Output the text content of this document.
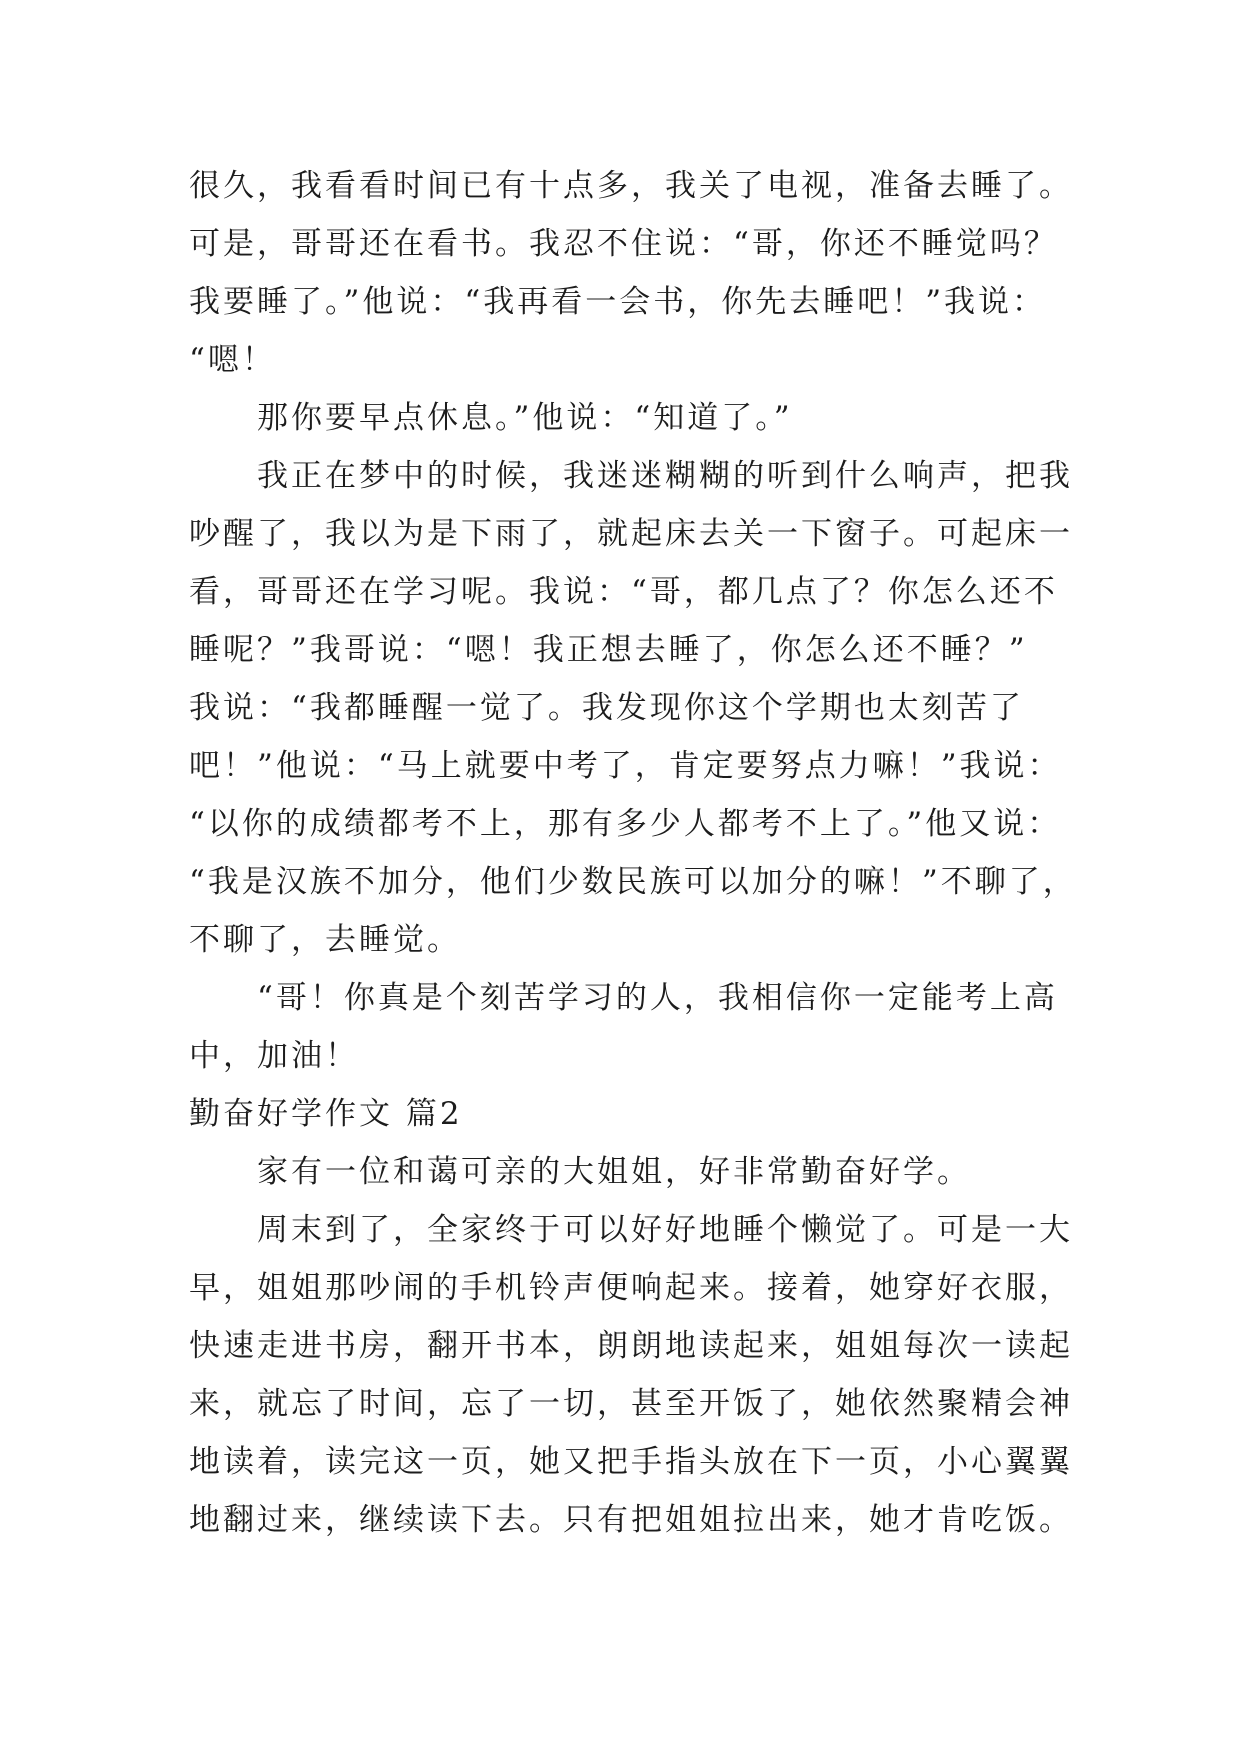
很久，我看看时间已有十点多，我关了电视，准备去睡了。
可是，哥哥还在看书。我忍不住说：“哥，你还不睡觉吗？
我要睡了。”他说：“我再看一会书，你先去睡吧！”我说：
“嗯！
那你要早点休息。”他说：“知道了。”
我正在梦中的时候，我迷迷糊糊的听到什么响声，把我
吵醒了，我以为是下雨了，就起床去关一下窗子。可起床一
看，哥哥还在学习呢。我说：“哥，都几点了？你怎么还不
睡呢？”我哥说：“嗯！我正想去睡了，你怎么还不睡？”
我说：“我都睡醒一觉了。我发现你这个学期也太刻苦了
吧！”他说：“马上就要中考了，肯定要努点力嘛！”我说：
“以你的成绩都考不上，那有多少人都考不上了。”他又说：
“我是汉族不加分，他们少数民族可以加分的嘛！”不聊了，
不聊了，去睡觉。
“哥！你真是个刻苦学习的人，我相信你一定能考上高
中，加油！
勤奋好学作文 篇2
家有一位和蔼可亲的大姐姐，好非常勤奋好学。
周末到了，全家终于可以好好地睡个懒觉了。可是一大
早，姐姐那吵闹的手机铃声便响起来。接着，她穿好衣服，
快速走进书房，翻开书本，朗朗地读起来，姐姐每次一读起
来，就忘了时间，忘了一切，甚至开饭了，她依然聚精会神
地读着，读完这一页，她又把手指头放在下一页，小心翼翼
地翻过来，继续读下去。只有把姐姐拉出来，她才肯吃饭。
